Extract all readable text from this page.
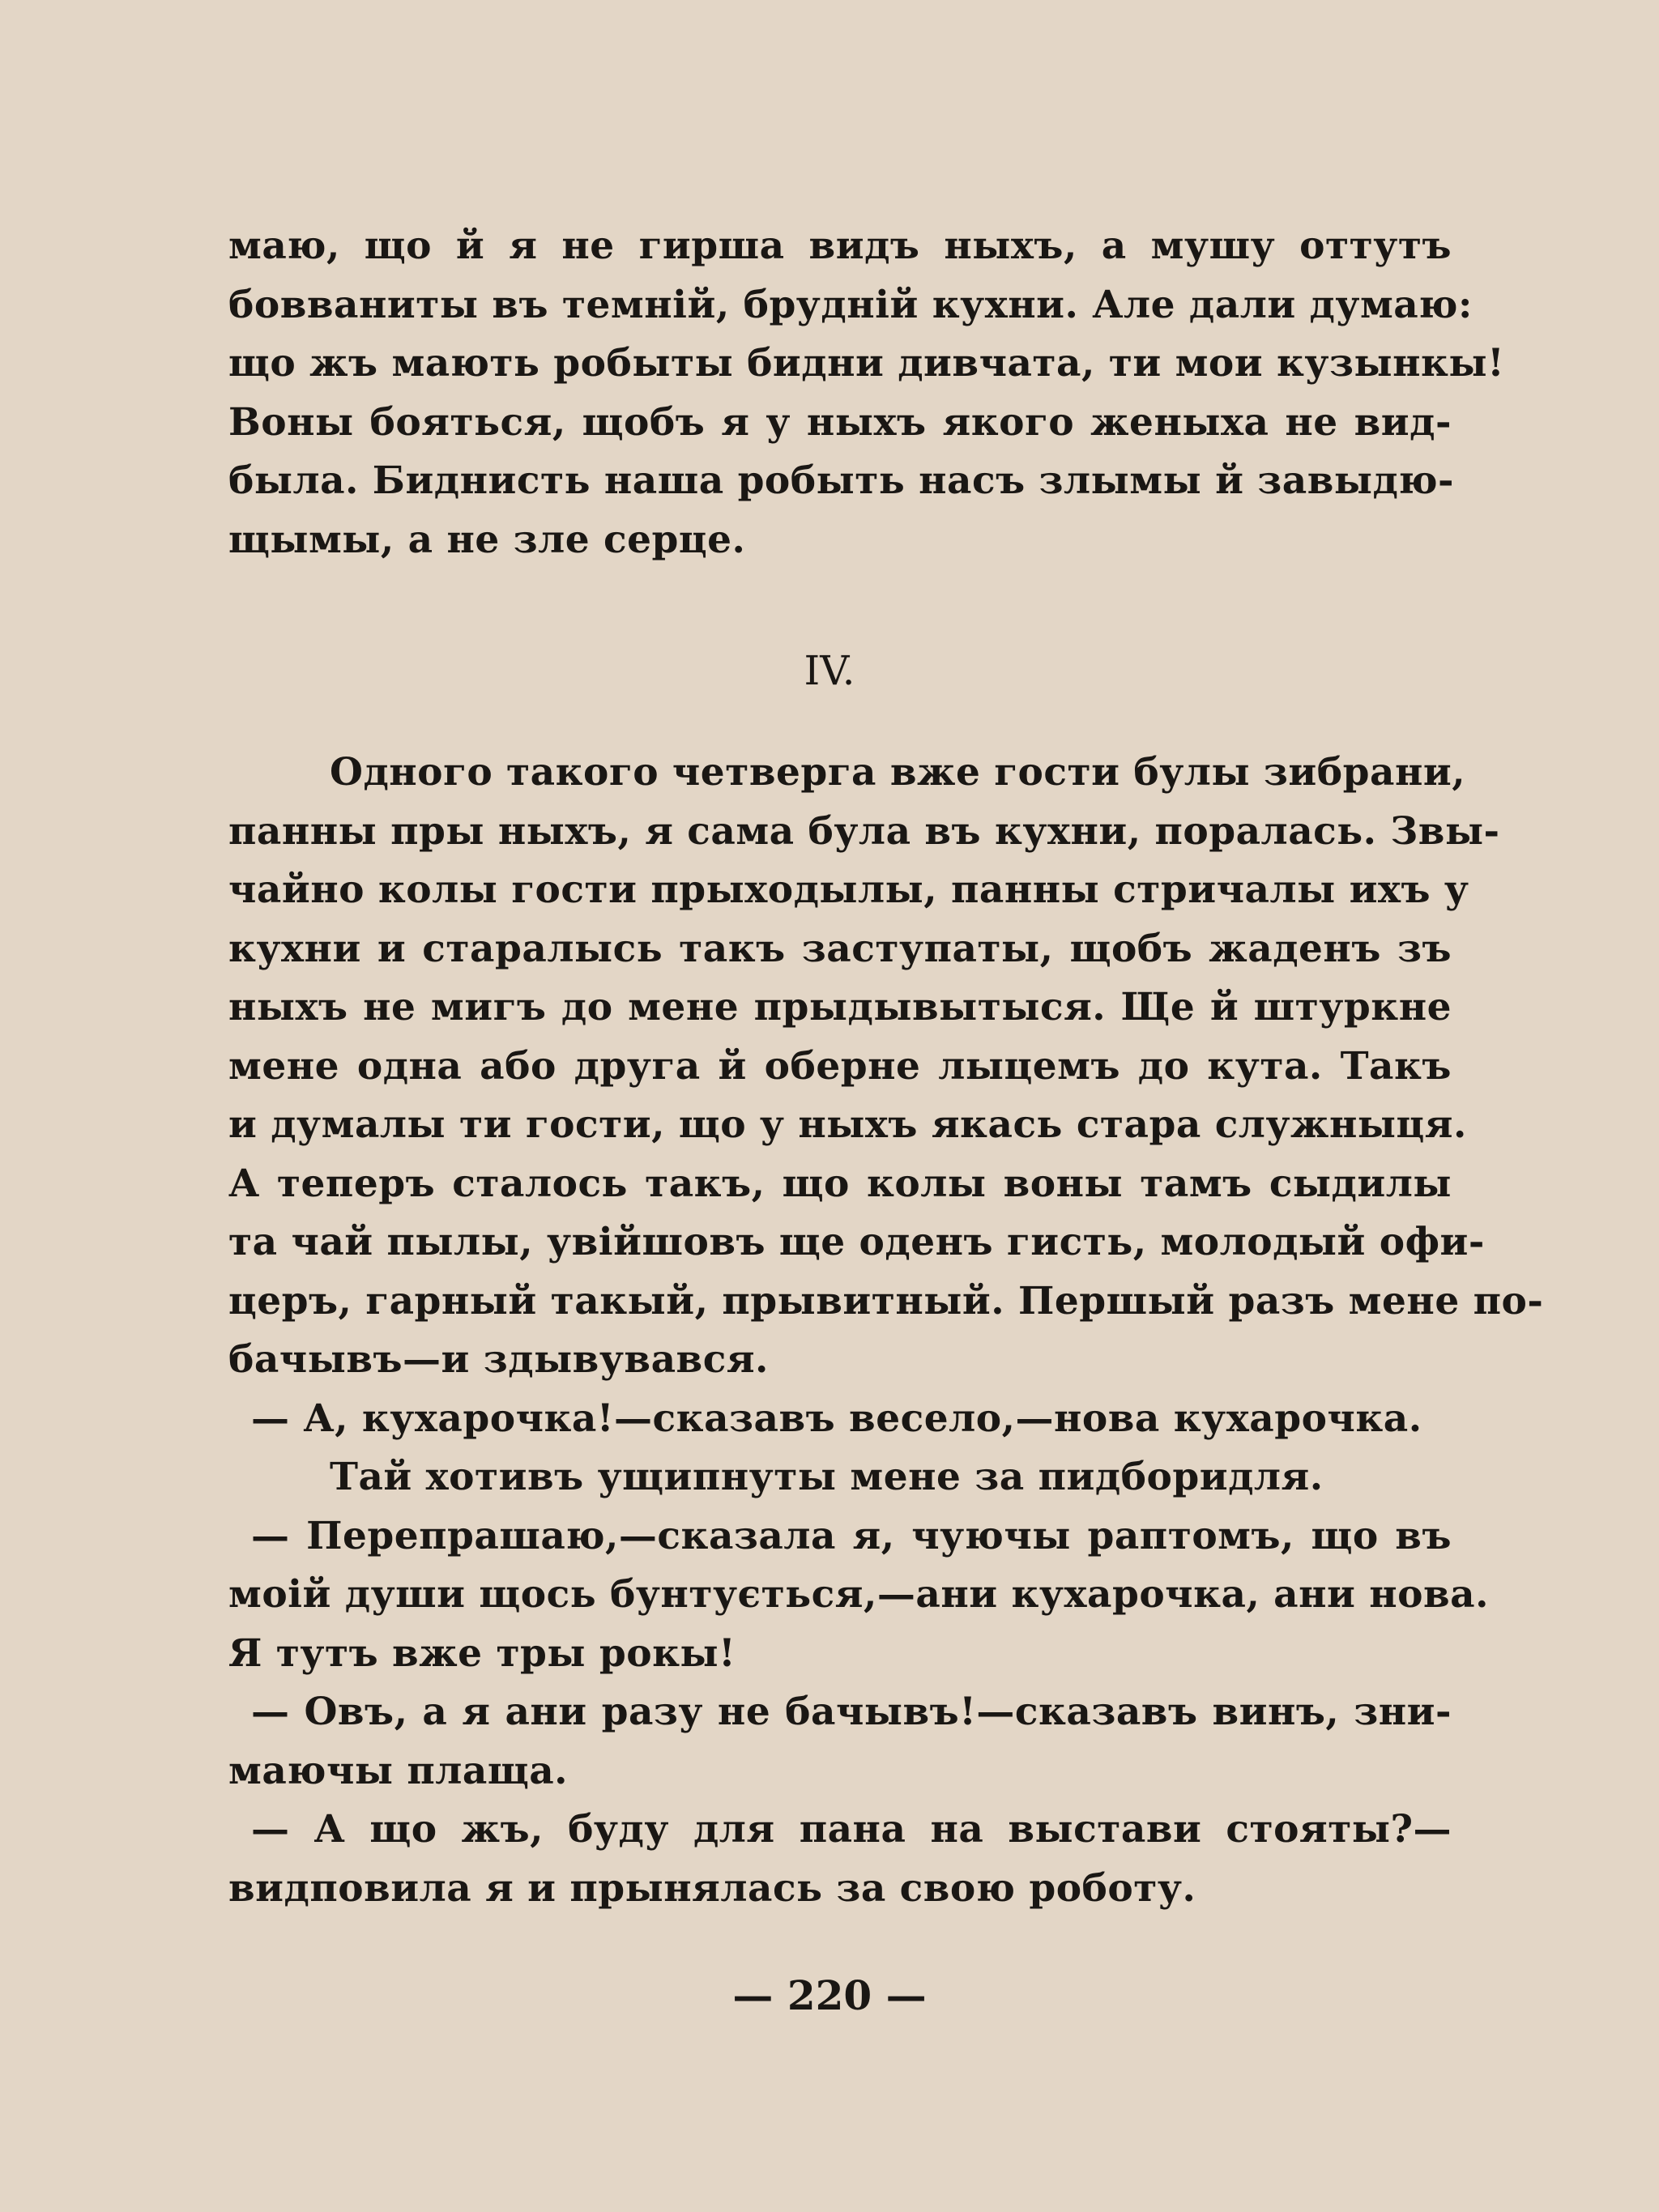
маю, що й я не гирша видъ ныхъ, а мушу оттутъ
бовваниты въ темній, брудній кухни. Але дали думаю:
що жъ мають робыты бидни дивчата, ти мои кузынкы!
Воны бояться, щобъ я у ныхъ якого женыха не вид-
была. Биднисть наша робыть насъ злымы й завыдю-
щымы, а не зле серце.
IV.
Одного такого четверга вже гости булы зибрани,
панны пры ныхъ, я сама була въ кухни, поралась. Звы-
чайно колы гости прыходылы, панны стричалы ихъ у
кухни и старалысь такъ заступаты, щобъ жаденъ зъ
ныхъ не мигъ до мене прыдывытыся. Ще й штуркне
мене одна або друга й оберне лыцемъ до кута. Такъ
и думалы ти гости, що у ныхъ якась стара служныця.
А теперъ сталось такъ, що колы воны тамъ сыдилы
та чай пылы, увійшовъ ще оденъ гисть, молодый офи-
церъ, гарный такый, прывитный. Першый разъ мене по-
бачывъ—и здывувався.
— А, кухарочка!—сказавъ весело,—нова кухарочка.
Тай хотивъ ущипнуты мене за пидборидля.
— Перепрашаю,—сказала я, чуючы раптомъ, що въ
моій души щось бунтується,—ани кухарочка, ани нова.
Я тутъ вже тры рокы!
— Овъ, а я ани разу не бачывъ!—сказавъ винъ, зни-
маючы плаща.
— А що жъ, буду для пана на выстави стояты?—
видповила я и прынялась за свою роботу.
— 220 —
